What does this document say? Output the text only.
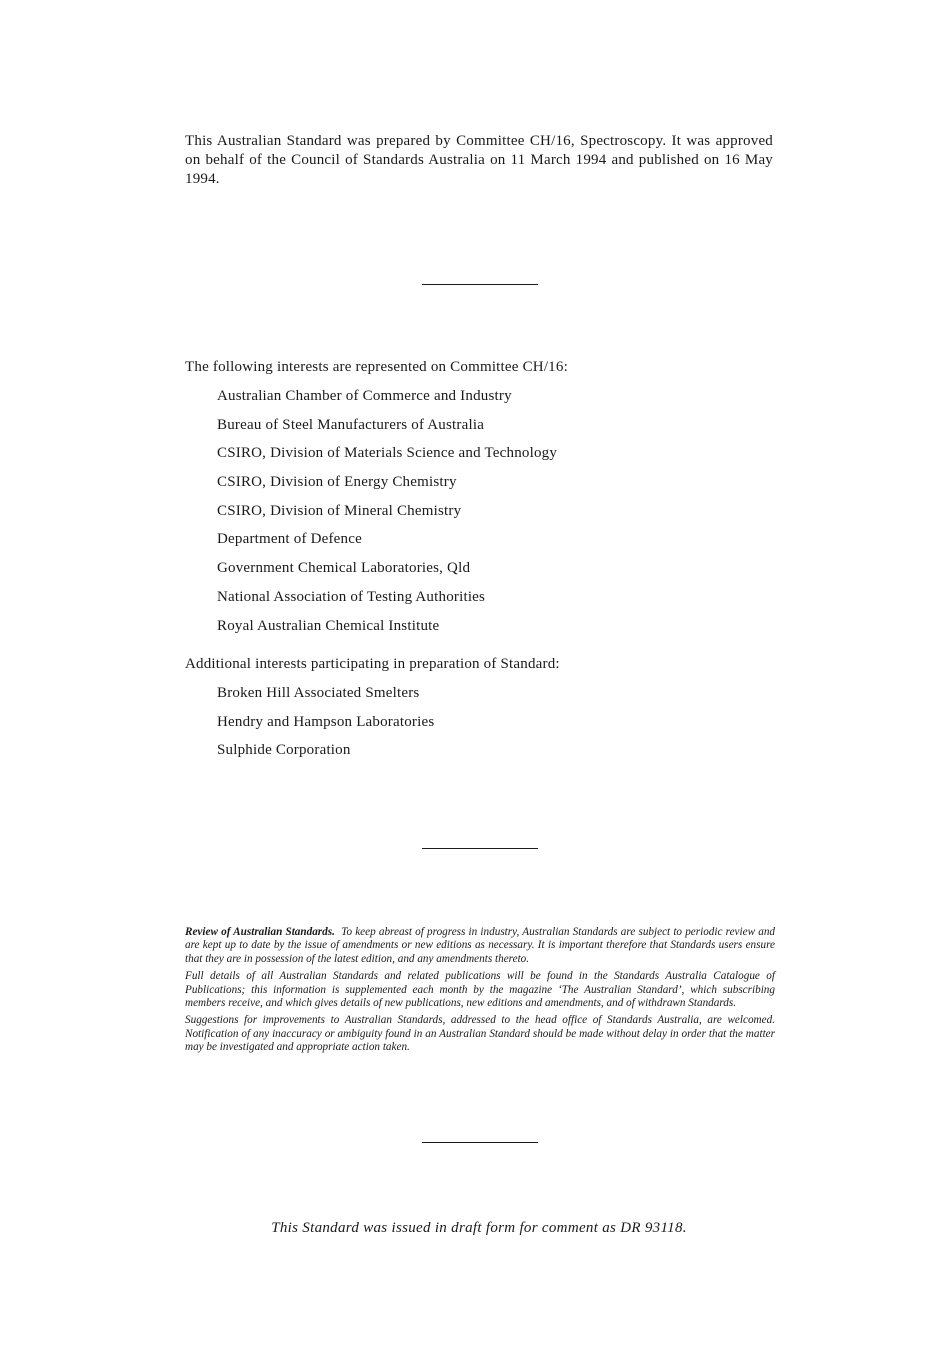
This Australian Standard was prepared by Committee CH/16, Spectroscopy. It was approved on behalf of the Council of Standards Australia on 11 March 1994 and published on 16 May 1994.

The following interests are represented on Committee CH/16:

Australian Chamber of Commerce and Industry
Bureau of Steel Manufacturers of Australia
CSIRO, Division of Materials Science and Technology
CSIRO, Division of Energy Chemistry
CSIRO, Division of Mineral Chemistry
Department of Defence
Government Chemical Laboratories, Qld
National Association of Testing Authorities
Royal Australian Chemical Institute

Additional interests participating in preparation of Standard:

Broken Hill Associated Smelters
Hendry and Hampson Laboratories
Sulphide Corporation

Review of Australian Standards. To keep abreast of progress in industry, Australian Standards are subject to periodic review and are kept up to date by the issue of amendments or new editions as necessary. It is important therefore that Standards users ensure that they are in possession of the latest edition, and any amendments thereto.

Full details of all Australian Standards and related publications will be found in the Standards Australia Catalogue of Publications; this information is supplemented each month by the magazine ‘The Australian Standard’, which subscribing members receive, and which gives details of new publications, new editions and amendments, and of withdrawn Standards.

Suggestions for improvements to Australian Standards, addressed to the head office of Standards Australia, are welcomed. Notification of any inaccuracy or ambiguity found in an Australian Standard should be made without delay in order that the matter may be investigated and appropriate action taken.

This Standard was issued in draft form for comment as DR 93118.
